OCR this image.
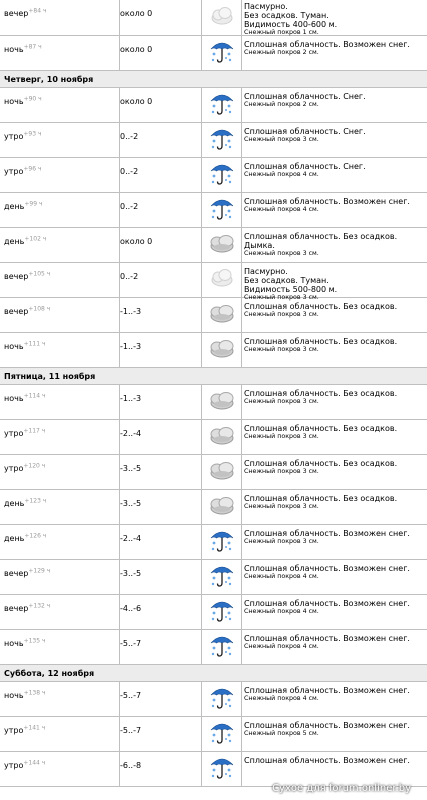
вечер$^{+84 ч}$	около 0
Пасмурно.
Без осадков. Туман.
Видимость 400-600 м.
Снежный покров 1 см.
ночь$^{+87 ч}$	около 0
Сплошная облачность. Возможен снег.
Снежный покров 2 см.
Четверг, 10 ноября
ночь$^{+90 ч}$	около 0
Сплошная облачность. Снег.
Снежный покров 2 см.
утро$^{+93 ч}$	0..-2
Сплошная облачность. Снег.
Снежный покров 3 см.
утро$^{+96 ч}$	0..-2
Сплошная облачность. Снег.
Снежный покров 4 см.
день$^{+99 ч}$	0..-2
Сплошная облачность. Возможен снег.
Снежный покров 4 см.
день$^{+102 ч}$	около 0
Сплошная облачность. Без осадков. Дымка.
Снежный покров 3 см.
вечер$^{+105 ч}$	0..-2
Пасмурно.
Без осадков. Туман.
Видимость 500-800 м.
Снежный покров 3 см.
вечер$^{+108 ч}$	-1..-3
Сплошная облачность. Без осадков.
Снежный покров 3 см.
ночь$^{+111 ч}$	-1..-3
Сплошная облачность. Без осадков.
Снежный покров 3 см.
Пятница, 11 ноября
ночь$^{+114 ч}$	-1..-3
Сплошная облачность. Без осадков.
Снежный покров 3 см.
утро$^{+117 ч}$	-2..-4
Сплошная облачность. Без осадков.
Снежный покров 3 см.
утро$^{+120 ч}$	-3..-5
Сплошная облачность. Без осадков.
Снежный покров 3 см.
день$^{+123 ч}$	-3..-5
Сплошная облачность. Без осадков.
Снежный покров 3 см.
день$^{+126 ч}$	-2..-4
Сплошная облачность. Возможен снег.
Снежный покров 3 см.
вечер$^{+129 ч}$	-3..-5
Сплошная облачность. Возможен снег.
Снежный покров 4 см.
вечер$^{+132 ч}$	-4..-6
Сплошная облачность. Возможен снег.
Снежный покров 4 см.
ночь$^{+135 ч}$	-5..-7
Сплошная облачность. Возможен снег.
Снежный покров 4 см.
Суббота, 12 ноября
ночь$^{+138 ч}$	-5..-7
Сплошная облачность. Возможен снег.
Снежный покров 4 см.
утро$^{+141 ч}$	-5..-7
Сплошная облачность. Возможен снег.
Снежный покров 5 см.
утро$^{+144 ч}$	-6..-8
Сплошная облачность. Возможен снег.
Сухое для forum.onliner.by
